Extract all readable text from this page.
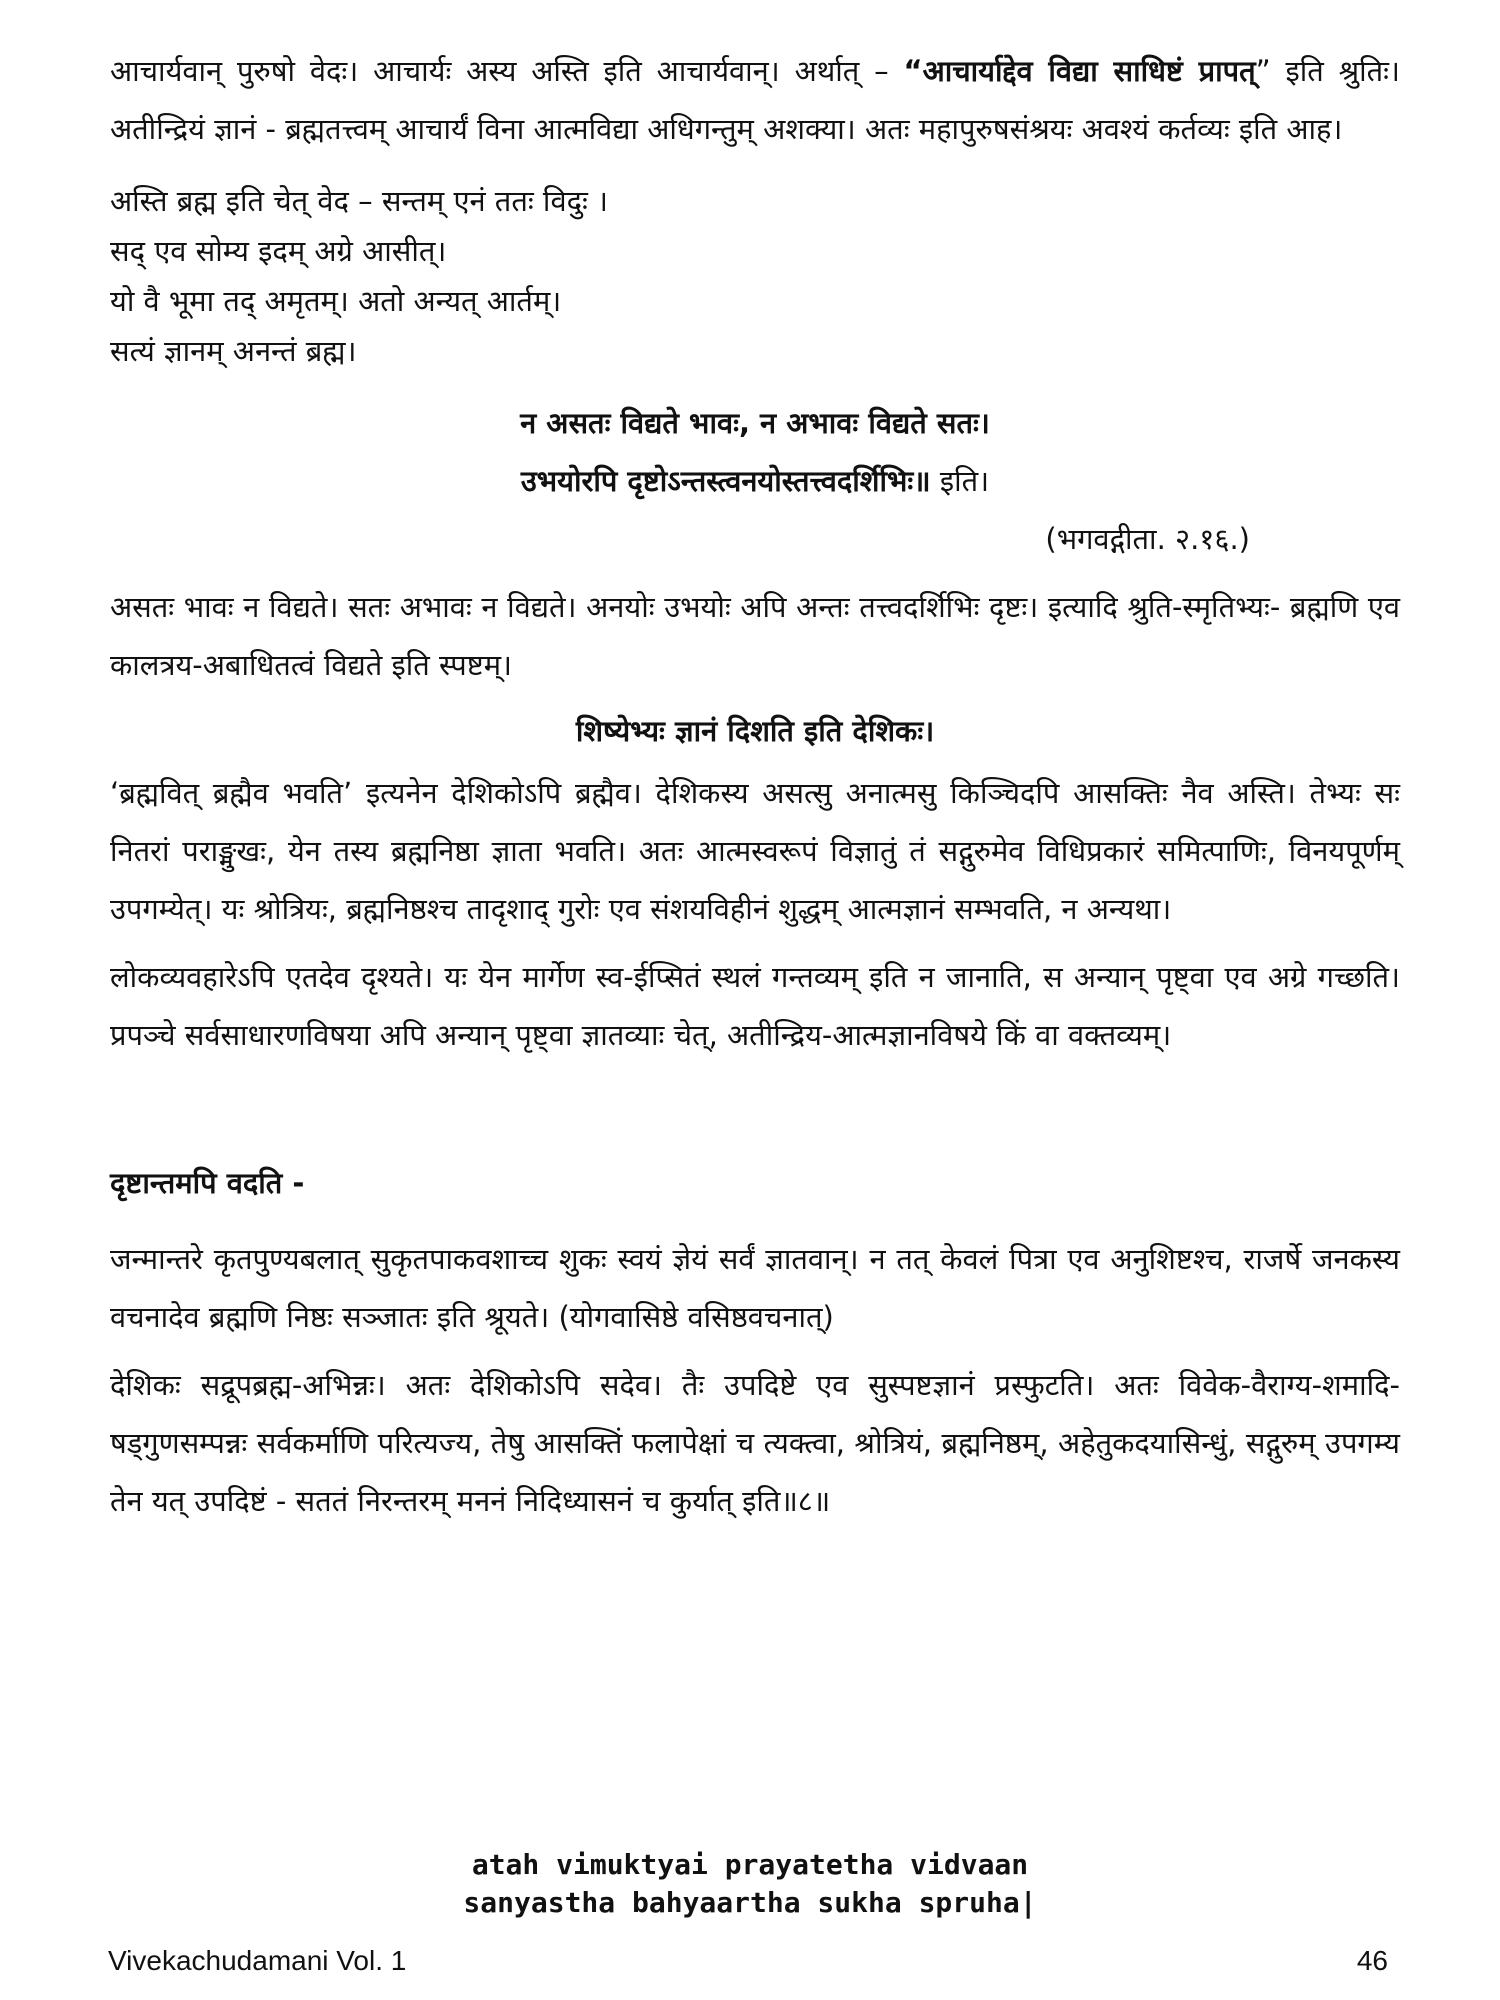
आचार्यवान् पुरुषो वेदः। आचार्यः अस्य अस्ति इति आचार्यवान्। अर्थात् – “आचार्याद्देव विद्या साधिष्टं प्रापत्” इति श्रुतिः। अतीन्द्रियं ज्ञानं - ब्रह्मतत्त्वम् आचार्यं विना आत्मविद्या अधिगन्तुम् अशक्या। अतः महापुरुषसंश्रयः अवश्यं कर्तव्यः इति आह।

अस्ति ब्रह्म इति चेत् वेद – सन्तम् एनं ततः विदुः ।

सद् एव सोम्य इदम् अग्रे आसीत्।

यो वै भूमा तद् अमृतम्। अतो अन्यत् आर्तम्।

सत्यं ज्ञानम् अनन्तं ब्रह्म।

न असतः विद्यते भावः, न अभावः विद्यते सतः।

उभयोरपि दृष्टोऽन्तस्त्वनयोस्तत्त्वदर्शिभिः॥ इति।

(भगवद्गीता. २.१६.)

असतः भावः न विद्यते। सतः अभावः न विद्यते। अनयोः उभयोः अपि अन्तः तत्त्वदर्शिभिः दृष्टः। इत्यादि श्रुति-स्मृतिभ्यः- ब्रह्मणि एव कालत्रय-अबाधितत्वं विद्यते इति स्पष्टम्।

शिष्येभ्यः ज्ञानं दिशति इति देशिकः।

‘ब्रह्मवित् ब्रह्मैव भवति’ इत्यनेन देशिकोऽपि ब्रह्मैव। देशिकस्य असत्सु अनात्मसु किञ्चिदपि आसक्तिः नैव अस्ति। तेभ्यः सः नितरां पराङ्मुखः, येन तस्य ब्रह्मनिष्ठा ज्ञाता भवति। अतः आत्मस्वरूपं विज्ञातुं तं सद्गुरुमेव विधिप्रकारं समित्पाणिः, विनयपूर्णम् उपगम्येत्। यः श्रोत्रियः, ब्रह्मनिष्ठश्च तादृशाद् गुरोः एव संशयविहीनं शुद्धम् आत्मज्ञानं सम्भवति, न अन्यथा।

लोकव्यवहारेऽपि एतदेव दृश्यते। यः येन मार्गेण स्व-ईप्सितं स्थलं गन्तव्यम् इति न जानाति, स अन्यान् पृष्ट्वा एव अग्रे गच्छति। प्रपञ्चे सर्वसाधारणविषया अपि अन्यान् पृष्ट्वा ज्ञातव्याः चेत्, अतीन्द्रिय-आत्मज्ञानविषये किं वा वक्तव्यम्।

दृष्टान्तमपि वदति -

जन्मान्तरे कृतपुण्यबलात् सुकृतपाकवशाच्च शुकः स्वयं ज्ञेयं सर्वं ज्ञातवान्। न तत् केवलं पित्रा एव अनुशिष्टश्च, राजर्षे जनकस्य वचनादेव ब्रह्मणि निष्ठः सञ्जातः इति श्रूयते। (योगवासिष्ठे वसिष्ठवचनात्)

देशिकः सद्रूपब्रह्म-अभिन्नः। अतः देशिकोऽपि सदेव। तैः उपदिष्टे एव सुस्पष्टज्ञानं प्रस्फुटति। अतः विवेक-वैराग्य-शमादि-षड्गुणसम्पन्नः सर्वकर्माणि परित्यज्य, तेषु आसक्तिं फलापेक्षां च त्यक्त्वा, श्रोत्रियं, ब्रह्मनिष्ठम्, अहेतुकदयासिन्धुं, सद्गुरुम् उपगम्य तेन यत् उपदिष्टं - सततं निरन्तरम् मननं निदिध्यासनं च कुर्यात् इति॥८॥

atah vimuktyai prayatetha vidvaan
sanyastha bahyaartha sukha spruha|
Vivekachudamani Vol. 1	46
